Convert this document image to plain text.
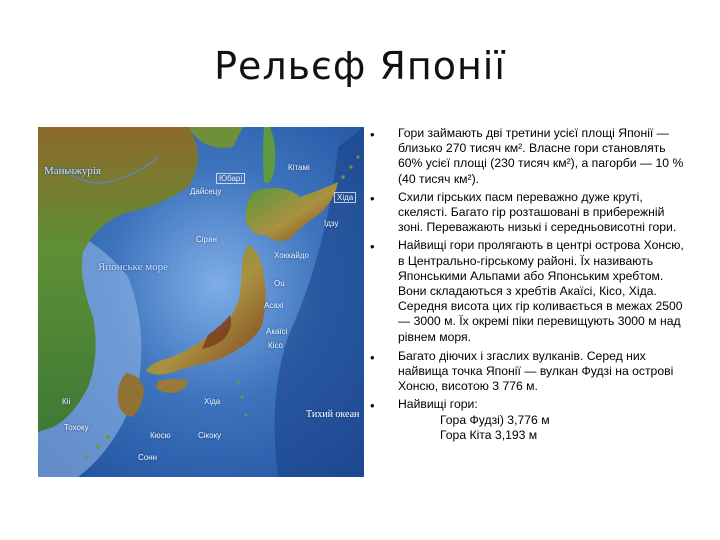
Рельєф Японії
Маньчжурія
Японське море
Тихий океан
Юбарі
Хідa
Дайсецу
Кітамі
Ідзу
Сіран
Хоккайдо
Асахі
Ou
Акаїсі
Кісо
Хіда
Кюсю	Сікоку
Кіі
Сонн
Тохоку
• Гори займають дві третини усієї площі Японії — близько 270 тисяч км². Власне гори становлять 60% усієї площі (230 тисяч км²), а пагорби — 10 % (40 тисяч км²).
• Схили гірських пасм переважно дуже круті, скелясті. Багато гір розташовані в прибережній зоні. Переважають низькі і середньовисотні гори.
• Найвищі гори пролягають в центрі острова Хонсю, в Центрально-гірському районі. Їх називають Японськими Альпами або Японським хребтом. Вони складаються з хребтів Акаїсі, Кісо, Хіда. Середня висота цих гір коливається в межах 2500 — 3000 м. Їх окремі піки перевищують 3000 м над рівнем моря.
• Багато діючих і згаслих вулканів. Серед них найвища точка Японії — вулкан Фудзі на острові Хонсю, висотою 3 776 м.
• Найвищі гори:
Гора Фудзі) 3,776 м
Гора Кіта 3,193 м
